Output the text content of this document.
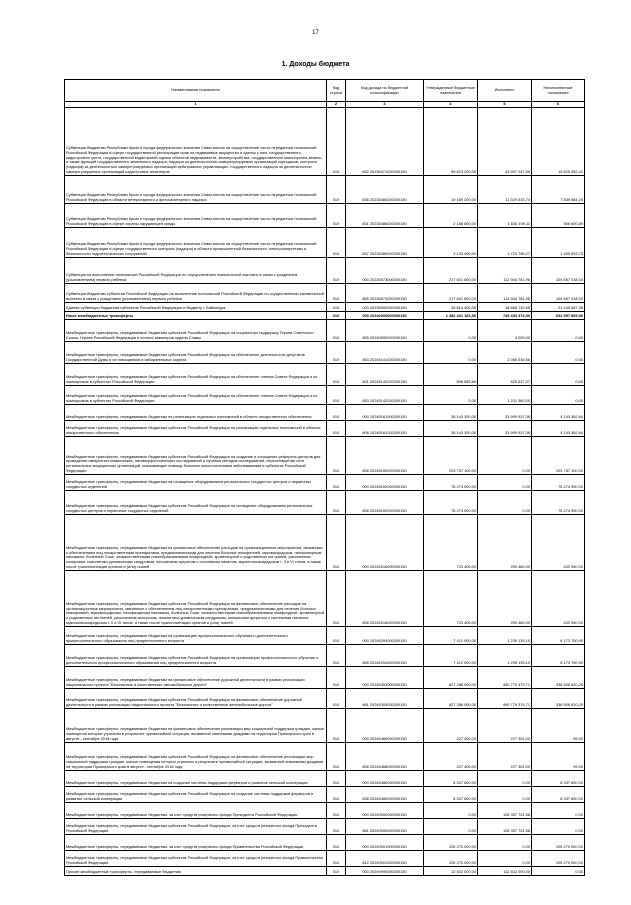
17
1. Доходы бюджета
Наименование показателя	Код строки	Код дохода по бюджетной классификации	Утвержденные бюджетные назначения	Исполнено	Неисполненные назначения
1	2	3	4	5	6
Субвенции бюджетам Республики Крым и города федерального значения Севастополя на осуществление части переданных полномочий Российской Федерации в сфере государственной регистрации прав на недвижимое имущество и сделок с ним, государственного кадастрового учета, государственной кадастровой оценки объектов недвижимости, землеустройства, государственного мониторинга земель, а также функций государственного земельного надзора, надзора за деятельностью саморегулируемых организаций оценщиков, контроля (надзора) за деятельностью саморегулируемых организаций арбитражных управляющих, государственного надзора за деятельностью саморегулируемых организаций кадастровых инженеров	010	832 20235471020000150	59 623 200,00	43 997 247,59	15 625 952,41
Субвенции бюджетам Республики Крым и города федерального значения Севастополя на осуществление части переданных полномочий Российской Федерации в области ветеринарного и фитосанитарного надзора	010	836 20235484020000150	19 169 200,00	11 329 515,74	7 839 684,26
Субвенции бюджетам Республики Крым и города федерального значения Севастополя на осуществление части переданных полномочий Российской Федерации в сфере охраны окружающей среды	010	831 20235486020000150	2 186 800,00	1 630 199,11	556 600,89
Субвенции бюджетам Республики Крым и города федерального значения Севастополя на осуществление части переданных полномочий Российской Федерации в сфере государственного контроля (надзора) в области промышленной безопасности, электроэнергетики и безопасности гидротехнических сооружений	010	837 20235489020000150	3 133 400,00	1 723 796,27	1 409 603,73
Субвенции на выполнение полномочий Российской Федерации по осуществлению ежемесячной выплаты в связи с рождением (усыновлением) первого ребенка	010	000 20235573000000150	217 601 800,00	112 944 781,96	104 657 018,04
Субвенции бюджетам субъектов Российской Федерации на выполнение полномочий Российской Федерации по осуществлению ежемесячной выплаты в связи с рождением (усыновлением) первого ребенка	010	855 20235573020000150	217 601 800,00	112 944 781,96	104 657 018,04
Единая субвенция бюджетам субъектов Российской Федерации и бюджету г. Байконура	010	000 20235900020000150	39 814 400,00	18 668 732,65	21 145 667,35
Иные межбюджетные трансферты	010	000 20240000000000150	1 382 431 163,86	749 433 373,90	632 997 809,96
Межбюджетные трансферты, передаваемые бюджетам субъектов Российской Федерации на социальную поддержку Героев Советского Союза, Героев Российской Федерации и полных кавалеров ордена Славы	010	855 20240090020000150	0,00	4 000,00	0,00
Межбюджетные трансферты, передаваемые бюджетам субъектов Российской Федерации на обеспечение деятельности депутатов Государственной Думы и их помощников в избирательных округах	010	853 20245141020000150	0,00	2 065 516,66	0,00
Межбюджетные трансферты, передаваемые бюджетам субъектов Российской Федерации на обеспечение членов Совета Федерации и их помощников в субъектах Российской Федерации	010	801 20245142020000150	596 583,66	628 637,07	0,00
Межбюджетные трансферты, передаваемые бюджетам субъектов Российской Федерации на обеспечение членов Совета Федерации и их помощников в субъектах Российской Федерации	010	853 20245142020000150	0,00	1 211 380,00	0,00
Межбюджетные трансферты, передаваемые бюджетам на реализацию отдельных полномочий в области лекарственного обеспечения	010	000 20245161000000150	38 143 300,00	33 999 937,36	4 143 362,64
Межбюджетные трансферты, передаваемые бюджетам субъектов Российской Федерации на реализацию отдельных полномочий в области лекарственного обеспечения	010	806 20245161020000150	38 143 300,00	33 999 937,36	4 143 362,64
Межбюджетные трансферты, передаваемые бюджетам субъектов Российской Федерации на создание и оснащение референс-центров для проведения иммуногистохимических, патоморфологических исследований и лучевых методов исследований, переоснащение сети региональных медицинских организаций, оказывающих помощь больным онкологическими заболеваниями в субъектах Российской Федерации	010	806 20245190020000150	203 757 100,00	0,00	203 757 100,00
Межбюджетные трансферты, передаваемые бюджетам на оснащение оборудованием региональных сосудистых центров и первичных сосудистых отделений	010	000 20245192000000150	78 274 900,00	0,00	78 274 900,00
Межбюджетные трансферты, передаваемые бюджетам субъектов Российской Федерации на оснащение оборудованием региональных сосудистых центров и первичных сосудистых отделений	010	806 20245192020000150	78 274 900,00	0,00	78 274 900,00
Межбюджетные трансферты, передаваемые бюджетам на финансовое обеспечение расходов на организационные мероприятия, связанные с обеспечением лиц лекарственными препаратами, предназначенными для лечения больных гемофилией, муковисцидозом, гипофизарным нанизмом, болезнью Гоше, злокачественными новообразованиями лимфоидной, кроветворной и родственных им тканей, рассеянным склерозом, гемолитико-уремическим синдромом, юношеским артритом с системным началом, мукополисахаридозом I, II и VI типов, а также после трансплантации органов и (или) тканей	010	000 20245216000000150	723 400,00	290 460,00	432 940,00
Межбюджетные трансферты, передаваемые бюджетам субъектов Российской Федерации на финансовое обеспечение расходов на организационные мероприятия, связанные с обеспечением лиц лекарственными препаратами, предназначенными для лечения больных гемофилией, муковисцидозом, гипофизарным нанизмом, болезнью Гоше, злокачественными новообразованиями лимфоидной, кроветворной и родственных им тканей, рассеянным склерозом, гемолитико-уремическим синдромом, юношеским артритом с системным началом, мукополисахаридозом I, II и VI типов, а также после трансплантации органов и (или) тканей	010	806 20245216020000150	723 400,00	290 460,00	432 940,00
Межбюджетные трансферты, передаваемые бюджетам на организацию профессионального обучения и дополнительного профессионального образования лиц предпенсионного возраста	010	000 20245294000000150	7 412 900,00	1 239 139,10	6 173 760,90
Межбюджетные трансферты, передаваемые бюджетам субъектов Российской Федерации на организацию профессионального обучения и дополнительного профессионального образования лиц предпенсионного возраста	010	855 20245294020000150	7 412 900,00	1 239 139,10	6 173 760,90
Межбюджетные трансферты, передаваемые бюджетам на финансовое обеспечение дорожной деятельности в рамках реализации национального проекта "Безопасные и качественные автомобильные дороги"	010	000 20245393000000150	827 286 000,00	490 779 379,71	336 506 620,29
Межбюджетные трансферты, передаваемые бюджетам субъектов Российской Федерации на финансовое обеспечение дорожной деятельности в рамках реализации национального проекта "Безопасные и качественные автомобильные дороги"	010	861 20245393020000150	827 286 000,00	490 779 379,71	336 506 620,29
Межбюджетные трансферты, передаваемые бюджетам на финансовое обеспечение реализации мер социальной поддержки граждан, жилые помещения которых утрачены в результате чрезвычайной ситуации, вызванной ливневыми дождями на территории Приморского края в августе - сентябре 2018 года	010	000 20245468000000150	227 400,00	227 301,00	99,00
Межбюджетные трансферты, передаваемые бюджетам субъектов Российской Федерации на финансовое обеспечение реализации мер социальной поддержки граждан, жилые помещения которых утрачены в результате чрезвычайной ситуации, вызванной ливневыми дождями на территории Приморского края в августе - сентябре 2018 года	010	806 20245468020000150	227 400,00	227 301,00	99,00
Межбюджетные трансферты, передаваемые бюджетам на создание системы поддержки фермеров и развитие сельской кооперации	010	000 20245480000000150	8 337 600,00	0,00	8 337 600,00
Межбюджетные трансферты, передаваемые бюджетам субъектов Российской Федерации на создание системы поддержки фермеров и развитие сельской кооперации	010	838 20245480020000150	8 337 600,00	0,00	8 337 600,00
Межбюджетные трансферты, передаваемые бюджетам, за счет средств резервного фонда Президента Российской Федерации	010	000 20249000000000150	0,00	108 357 721,58	0,00
Межбюджетные трансферты, передаваемые бюджетам субъектов Российской Федерации, за счет средств резервного фонда Президента Российской Федерации	010	861 20249000020000150	0,00	108 357 721,58	0,00
Межбюджетные трансферты, передаваемые бюджетам, за счет средств резервного фонда Правительства Российской Федерации	010	000 20249001000000150	205 270 000,00	0,00	205 270 000,00
Межбюджетные трансферты, передаваемые бюджетам субъектов Российской Федерации, за счет средств резервного фонда Правительства Российской Федерации	010	812 20249001020000150	205 270 000,00	0,00	205 270 000,00
Прочие межбюджетные трансферты, передаваемые бюджетам	010	000 20249999000000150	12 402 000,00	112 402 000,00	0,00
